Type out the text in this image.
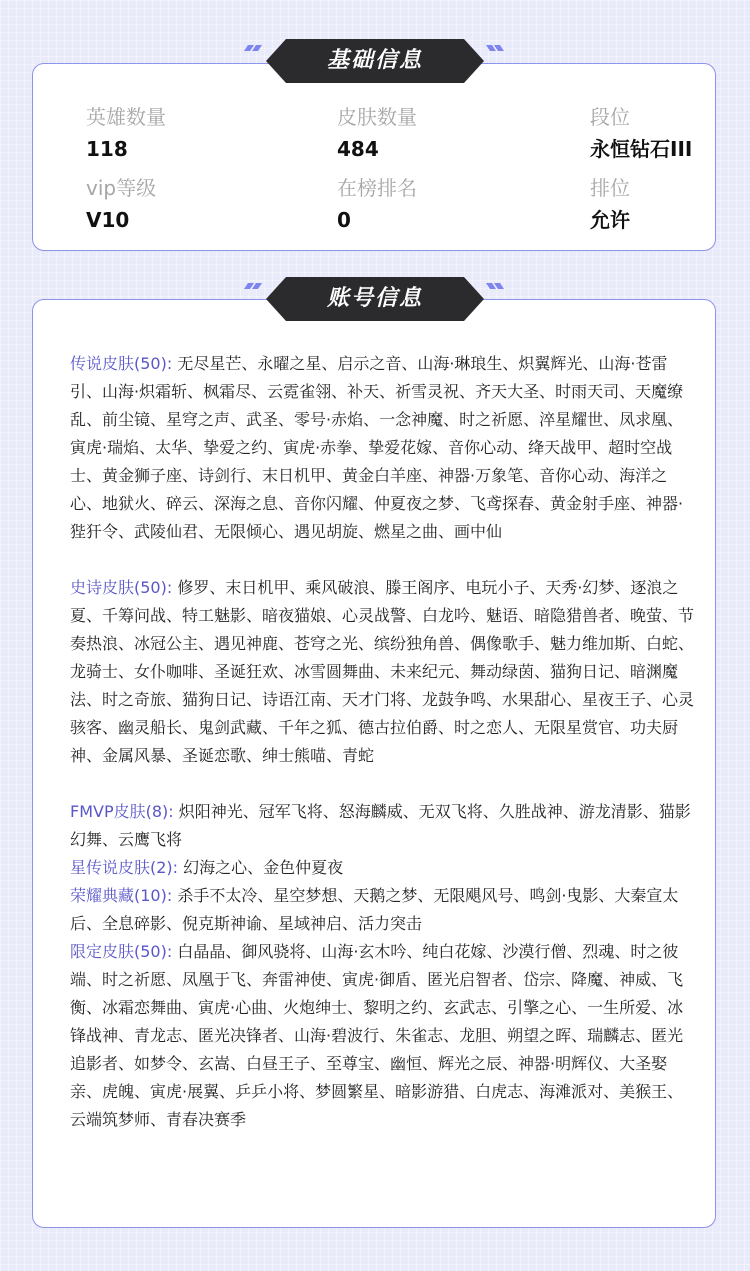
英雄数量
118
皮肤数量
484
段位
永恒钻石III
vip等级
V10
在榜排名
0
排位
允许
基础信息

传说皮肤(50): 无尽星芒、永曜之星、启示之音、山海·琳琅生、炽翼辉光、山海·苍雷引、山海·炽霜斩、枫霜尽、云霓雀翎、补天、祈雪灵祝、齐天大圣、时雨天司、天魔缭乱、前尘镜、星穹之声、武圣、零号·赤焰、一念神魔、时之祈愿、淬星耀世、凤求凰、寅虎·瑞焰、太华、挚爱之约、寅虎·赤拳、挚爱花嫁、音你心动、绛天战甲、超时空战士、黄金狮子座、诗剑行、末日机甲、黄金白羊座、神器·万象笔、音你心动、海洋之心、地狱火、碎云、深海之息、音你闪耀、仲夏夜之梦、飞鸢探春、黄金射手座、神器·狴犴令、武陵仙君、无限倾心、遇见胡旋、燃星之曲、画中仙

史诗皮肤(50): 修罗、末日机甲、乘风破浪、滕王阁序、电玩小子、天秀·幻梦、逐浪之夏、千筹问战、特工魅影、暗夜猫娘、心灵战警、白龙吟、魅语、暗隐猎兽者、晚萤、节奏热浪、冰冠公主、遇见神鹿、苍穹之光、缤纷独角兽、偶像歌手、魅力维加斯、白蛇、龙骑士、女仆咖啡、圣诞狂欢、冰雪圆舞曲、未来纪元、舞动绿茵、猫狗日记、暗渊魔法、时之奇旅、猫狗日记、诗语江南、天才门将、龙鼓争鸣、水果甜心、星夜王子、心灵骇客、幽灵船长、鬼剑武藏、千年之狐、德古拉伯爵、时之恋人、无限星赏官、功夫厨神、金属风暴、圣诞恋歌、绅士熊喵、青蛇

FMVP皮肤(8): 炽阳神光、冠军飞将、怒海麟威、无双飞将、久胜战神、游龙清影、猫影幻舞、云鹰飞将

星传说皮肤(2): 幻海之心、金色仲夏夜

荣耀典藏(10): 杀手不太冷、星空梦想、天鹅之梦、无限飓风号、鸣剑·曳影、大秦宣太后、全息碎影、倪克斯神谕、星域神启、活力突击

限定皮肤(50): 白晶晶、御风骁将、山海·玄木吟、纯白花嫁、沙漠行僧、烈魂、时之彼端、时之祈愿、凤凰于飞、奔雷神使、寅虎·御盾、匿光启智者、岱宗、降魔、神威、飞衡、冰霜恋舞曲、寅虎·心曲、火炮绅士、黎明之约、玄武志、引擎之心、一生所爱、冰锋战神、青龙志、匿光决锋者、山海·碧波行、朱雀志、龙胆、朔望之晖、瑞麟志、匿光追影者、如梦令、玄嵩、白昼王子、至尊宝、幽恒、辉光之辰、神器·明辉仪、大圣娶亲、虎魄、寅虎·展翼、乒乒小将、梦圆繁星、暗影游猎、白虎志、海滩派对、美猴王、云端筑梦师、青春决赛季

账号信息
